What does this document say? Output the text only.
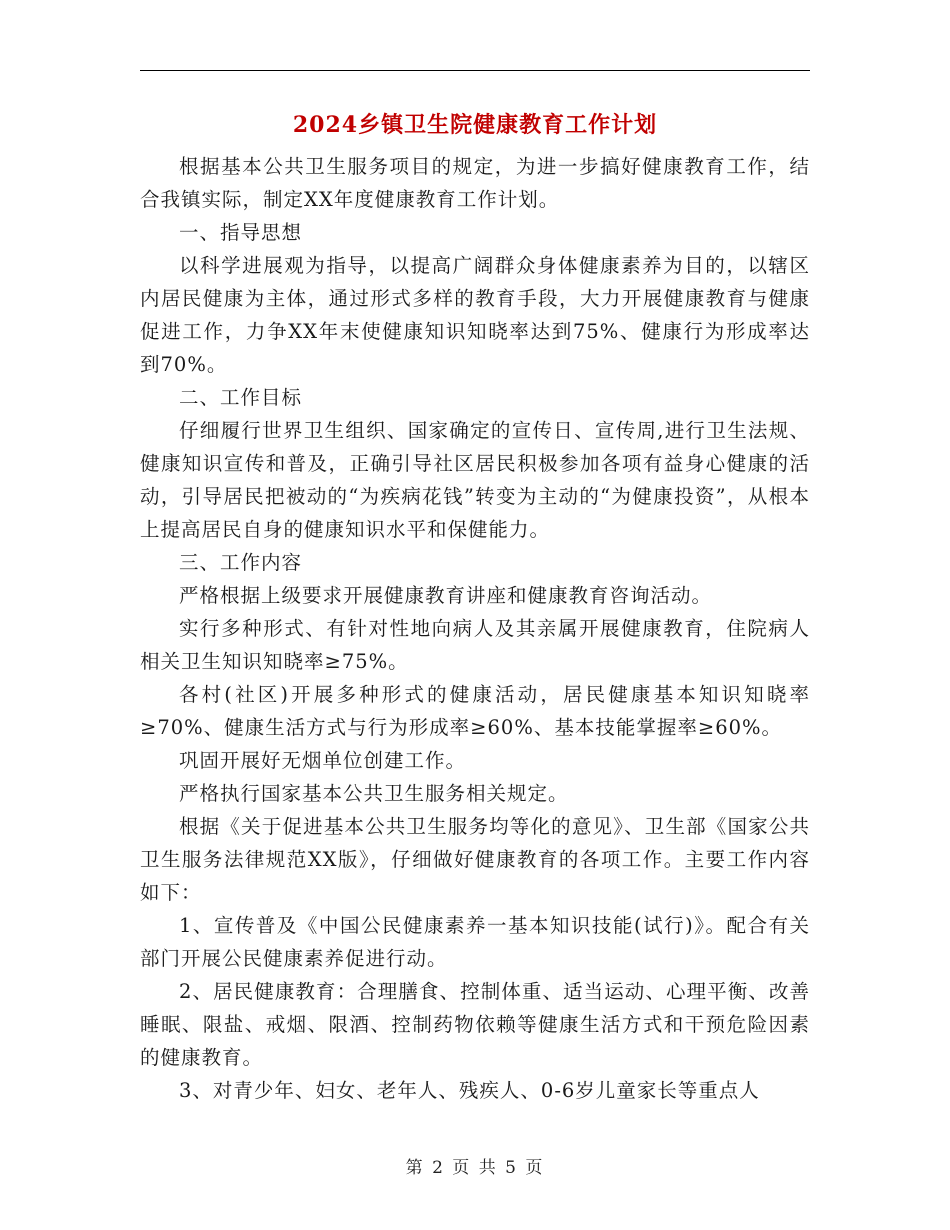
2024乡镇卫生院健康教育工作计划

根据基本公共卫生服务项目的规定，为进一步搞好健康教育工作，结合我镇实际，制定XX年度健康教育工作计划。

一、指导思想

以科学进展观为指导，以提高广阔群众身体健康素养为目的，以辖区内居民健康为主体，通过形式多样的教育手段，大力开展健康教育与健康促进工作，力争XX年末使健康知识知晓率达到75%、健康行为形成率达到70%。

二、工作目标

仔细履行世界卫生组织、国家确定的宣传日、宣传周,进行卫生法规、健康知识宣传和普及，正确引导社区居民积极参加各项有益身心健康的活动，引导居民把被动的“为疾病花钱”转变为主动的“为健康投资”，从根本上提高居民自身的健康知识水平和保健能力。

三、工作内容

严格根据上级要求开展健康教育讲座和健康教育咨询活动。

实行多种形式、有针对性地向病人及其亲属开展健康教育，住院病人相关卫生知识知晓率≥75%。

各村(社区)开展多种形式的健康活动，居民健康基本知识知晓率≥70%、健康生活方式与行为形成率≥60%、基本技能掌握率≥60%。

巩固开展好无烟单位创建工作。

严格执行国家基本公共卫生服务相关规定。

根据《关于促进基本公共卫生服务均等化的意见》、卫生部《国家公共卫生服务法律规范XX版》，仔细做好健康教育的各项工作。主要工作内容如下：

1、宣传普及《中国公民健康素养一基本知识技能(试行)》。配合有关部门开展公民健康素养促进行动。

2、居民健康教育：合理膳食、控制体重、适当运动、心理平衡、改善睡眠、限盐、戒烟、限酒、控制药物依赖等健康生活方式和干预危险因素的健康教育。

3、对青少年、妇女、老年人、残疾人、0-6岁儿童家长等重点人

第 2 页 共 5 页
